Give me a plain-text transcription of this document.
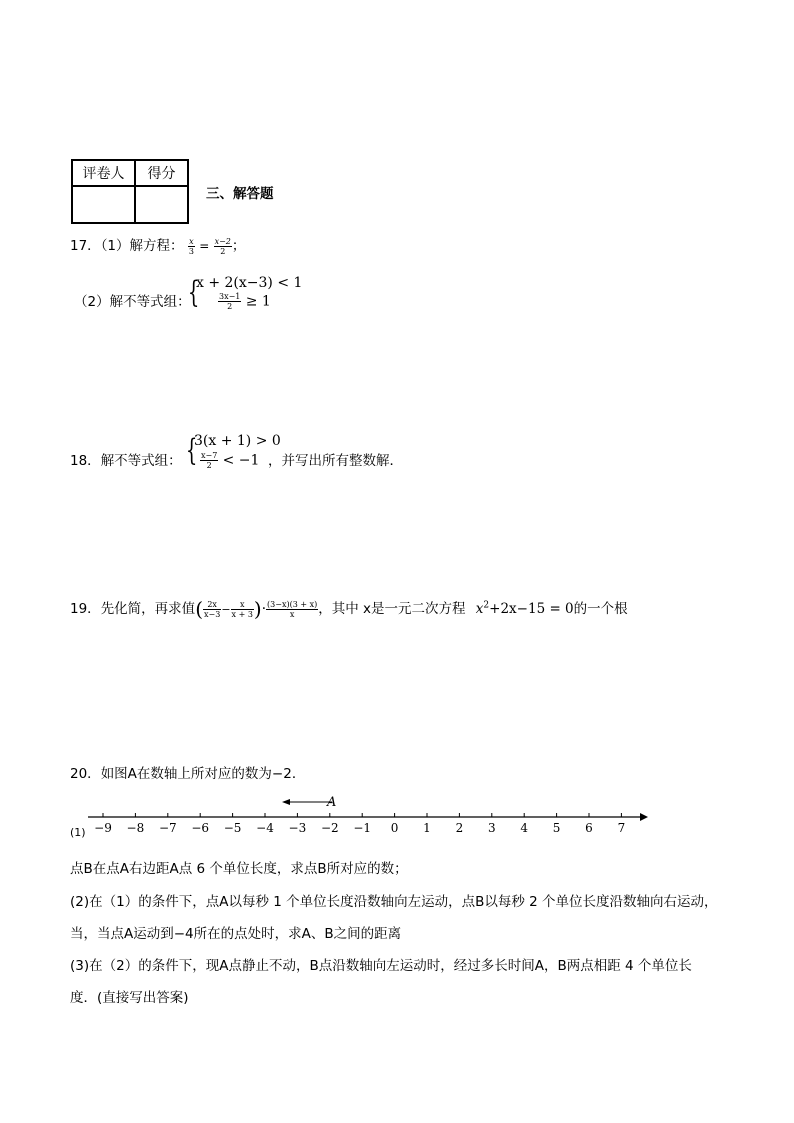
评卷人	得分

三、解答题
17．（1）解方程： $\frac{x}{3} = \frac{x-2}{2}$ ；
（2）解不等式组：
{
x + 2(x−3) < 1
$\frac{3x-1}{2} \ge 1$
18．解不等式组： {
3(x + 1) > 0
$\frac{x-7}{2} < -1$ ，并写出所有整数解．
19．先化简，再求值( $\frac{2x}{x-3} - \frac{x}{x + 3}$ )· $\frac{(3-x)(3 + x)}{x}$ ，其中 x是一元二次方程 $x^2+2x-15 = 0$的一个根
20．如图A在数轴上所对应的数为−2．
−9 −8 −7 −6 −5 −4 −3 −2 −1 0 1 2 3 4 5 6 7
A
(1)
点B在点A右边距A点 6 个单位长度，求点B所对应的数；
(2)在（1）的条件下，点A以每秒 1 个单位长度沿数轴向左运动，点B以每秒 2 个单位长度沿数轴向右运动，
当，当点A运动到−4所在的点处时，求A、B之间的距离
(3)在（2）的条件下，现A点静止不动，B点沿数轴向左运动时，经过多长时间A，B两点相距 4 个单位长
度．(直接写出答案)
